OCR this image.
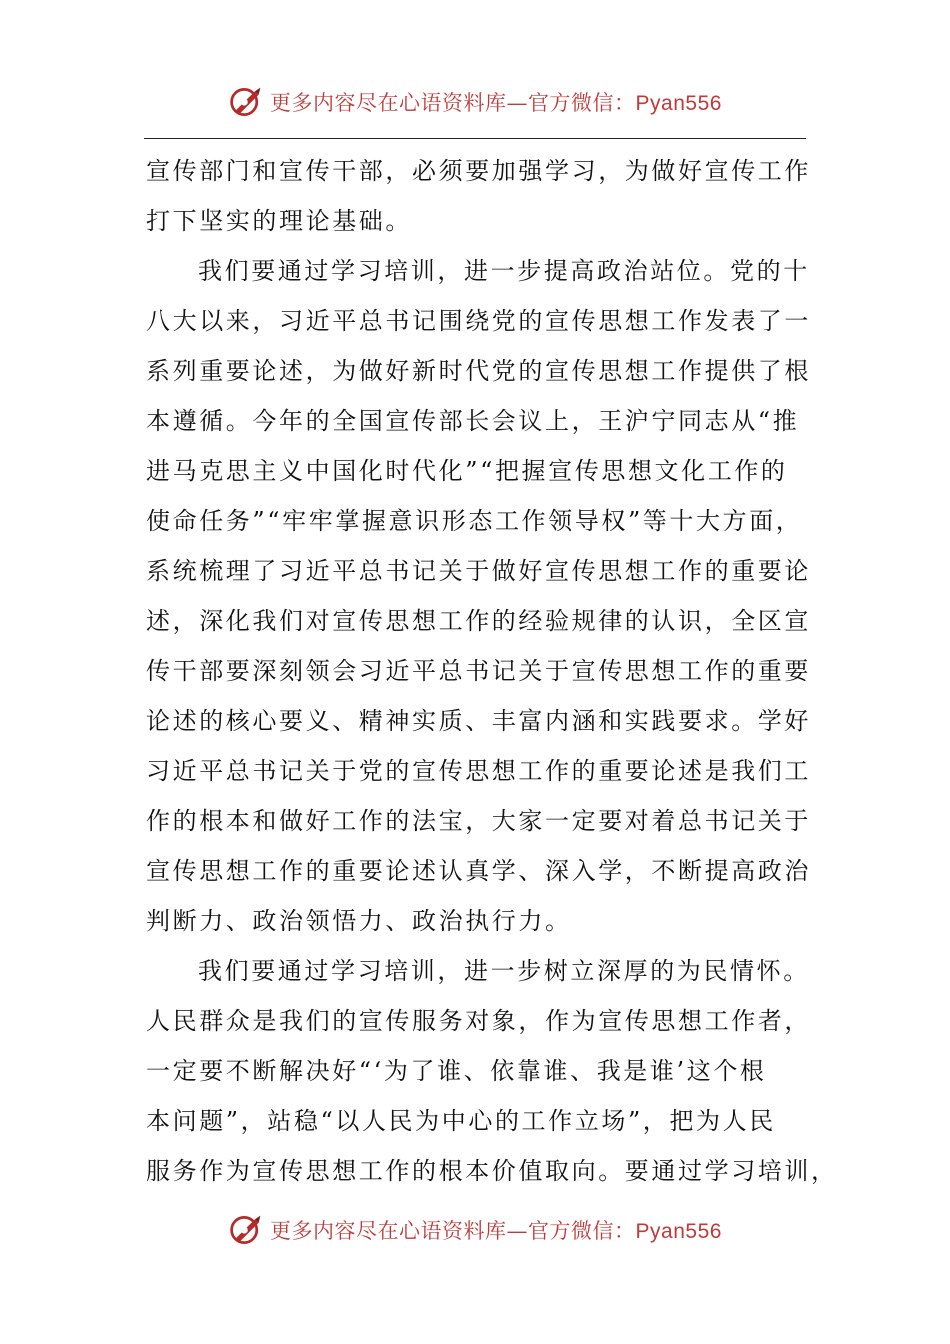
更多内容尽在心语资料库—官方微信：Pyan556
宣传部门和宣传干部，必须要加强学习，为做好宣传工作
打下坚实的理论基础。
我们要通过学习培训，进一步提高政治站位。党的十
八大以来，习近平总书记围绕党的宣传思想工作发表了一
系列重要论述，为做好新时代党的宣传思想工作提供了根
本遵循。今年的全国宣传部长会议上，王沪宁同志从“推
进马克思主义中国化时代化”“把握宣传思想文化工作的
使命任务”“牢牢掌握意识形态工作领导权”等十大方面，
系统梳理了习近平总书记关于做好宣传思想工作的重要论
述，深化我们对宣传思想工作的经验规律的认识，全区宣
传干部要深刻领会习近平总书记关于宣传思想工作的重要
论述的核心要义、精神实质、丰富内涵和实践要求。学好
习近平总书记关于党的宣传思想工作的重要论述是我们工
作的根本和做好工作的法宝，大家一定要对着总书记关于
宣传思想工作的重要论述认真学、深入学，不断提高政治
判断力、政治领悟力、政治执行力。
我们要通过学习培训，进一步树立深厚的为民情怀。
人民群众是我们的宣传服务对象，作为宣传思想工作者，
一定要不断解决好“‘为了谁、依靠谁、我是谁’这个根
本问题”，站稳“以人民为中心的工作立场”，把为人民
服务作为宣传思想工作的根本价值取向。要通过学习培训，
更多内容尽在心语资料库—官方微信：Pyan556
